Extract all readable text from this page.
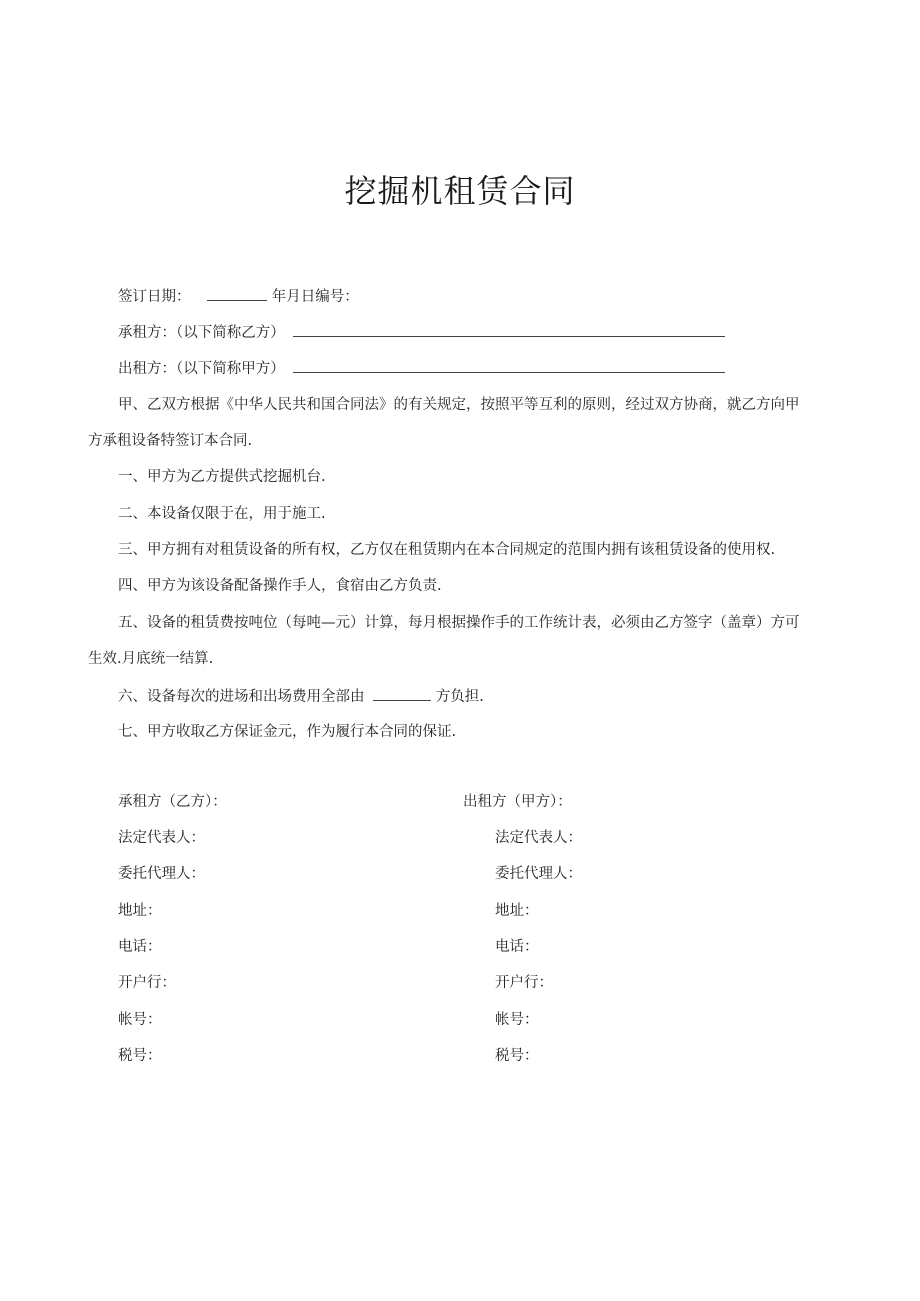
挖掘机租赁合同
签订日期：	年月日编号：
承租方：（以下简称乙方）
出租方：（以下简称甲方）
甲、乙双方根据《中华人民共和国合同法》的有关规定，按照平等互利的原则，经过双方协商，就乙方向甲
方承租设备特签订本合同.
一、甲方为乙方提供式挖掘机台.
二、本设备仅限于在，用于施工.
三、甲方拥有对租赁设备的所有权，乙方仅在租赁期内在本合同规定的范围内拥有该租赁设备的使用权.
四、甲方为该设备配备操作手人，食宿由乙方负责.
五、设备的租赁费按吨位（每吨—元）计算，每月根据操作手的工作统计表，必须由乙方签字（盖章）方可
生效.月底统一结算.
六、设备每次的进场和出场费用全部由	方负担.
七、甲方收取乙方保证金元，作为履行本合同的保证.
承租方（乙方）：
法定代表人：
委托代理人：
地址：
电话：
开户行：
帐号：
税号：
出租方（甲方）：
法定代表人：
委托代理人：
地址：
电话：
开户行：
帐号：
税号：
